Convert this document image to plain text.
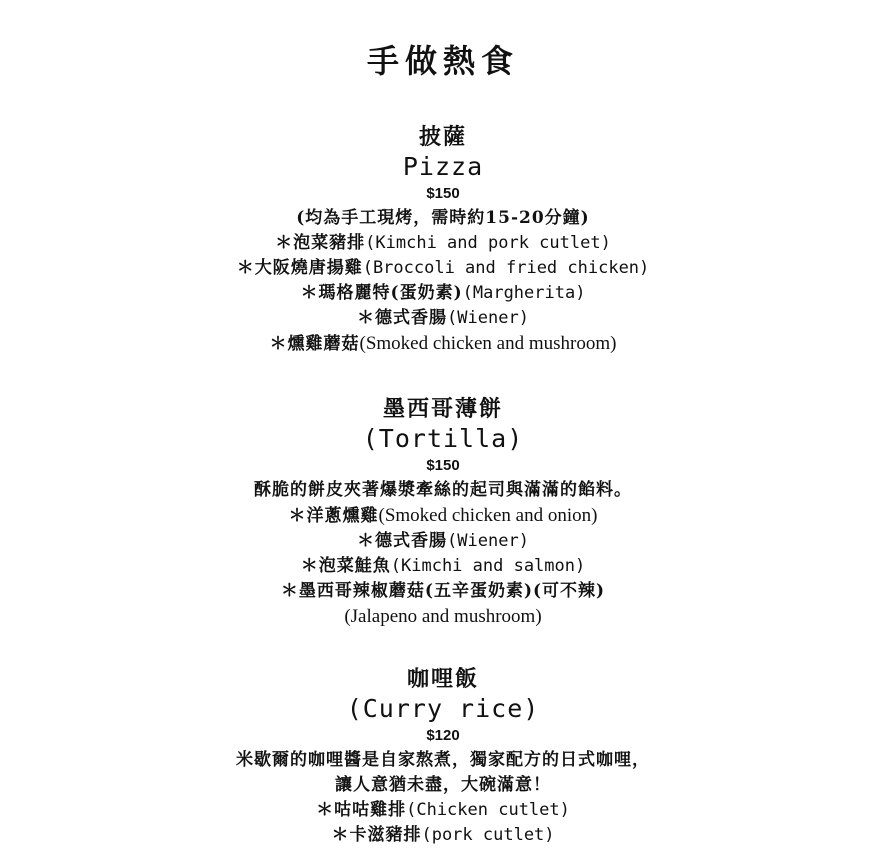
手做熱食
披薩
Pizza
$150
(均為手工現烤，需時約15-20分鐘)
＊泡菜豬排(Kimchi and pork cutlet)
＊大阪燒唐揚雞(Broccoli and fried chicken)
＊瑪格麗特(蛋奶素)(Margherita)
＊德式香腸(Wiener)
＊燻雞蘑菇(Smoked chicken and mushroom)
墨西哥薄餅
(Tortilla)
$150
酥脆的餅皮夾著爆漿牽絲的起司與滿滿的餡料。
＊洋蔥燻雞(Smoked chicken and onion)
＊德式香腸(Wiener)
＊泡菜鮭魚(Kimchi and salmon)
＊墨西哥辣椒蘑菇(五辛蛋奶素)(可不辣)
(Jalapeno and mushroom)
咖哩飯
(Curry rice)
$120
米歇爾的咖哩醬是自家熬煮，獨家配方的日式咖哩，
讓人意猶未盡，大碗滿意！
＊咕咕雞排(Chicken cutlet)
＊卡滋豬排(pork cutlet)
